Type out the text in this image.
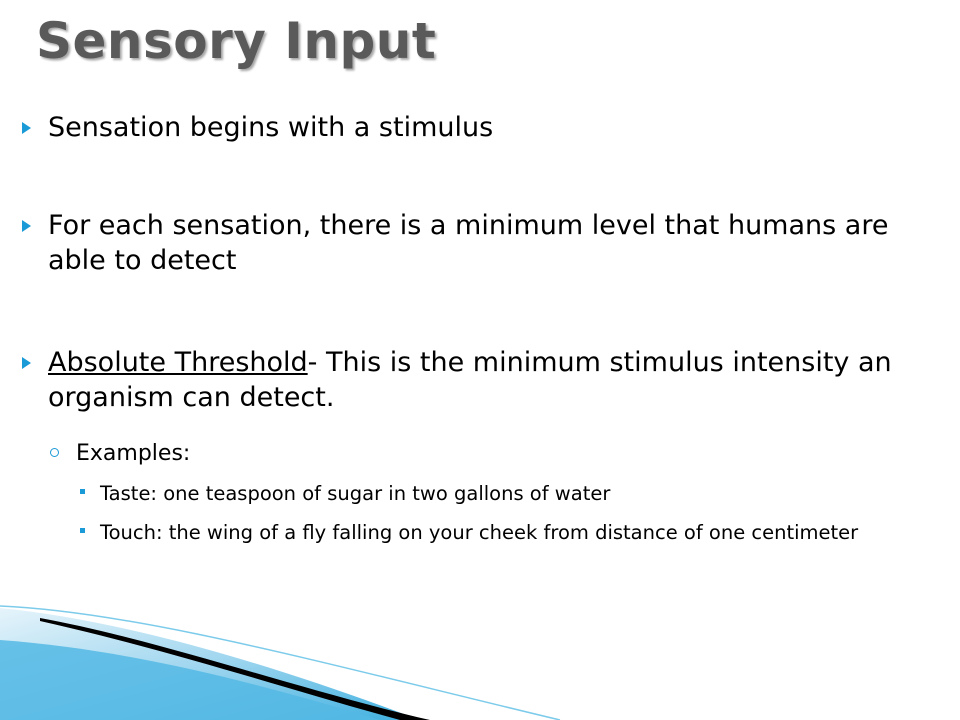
Sensory Input
Sensation begins with a stimulus
For each sensation, there is a minimum level that humans are able to detect
Absolute Threshold- This is the minimum stimulus intensity an organism can detect.
Examples:
Taste: one teaspoon of sugar in two gallons of water
Touch: the wing of a fly falling on your cheek from distance of one centimeter
